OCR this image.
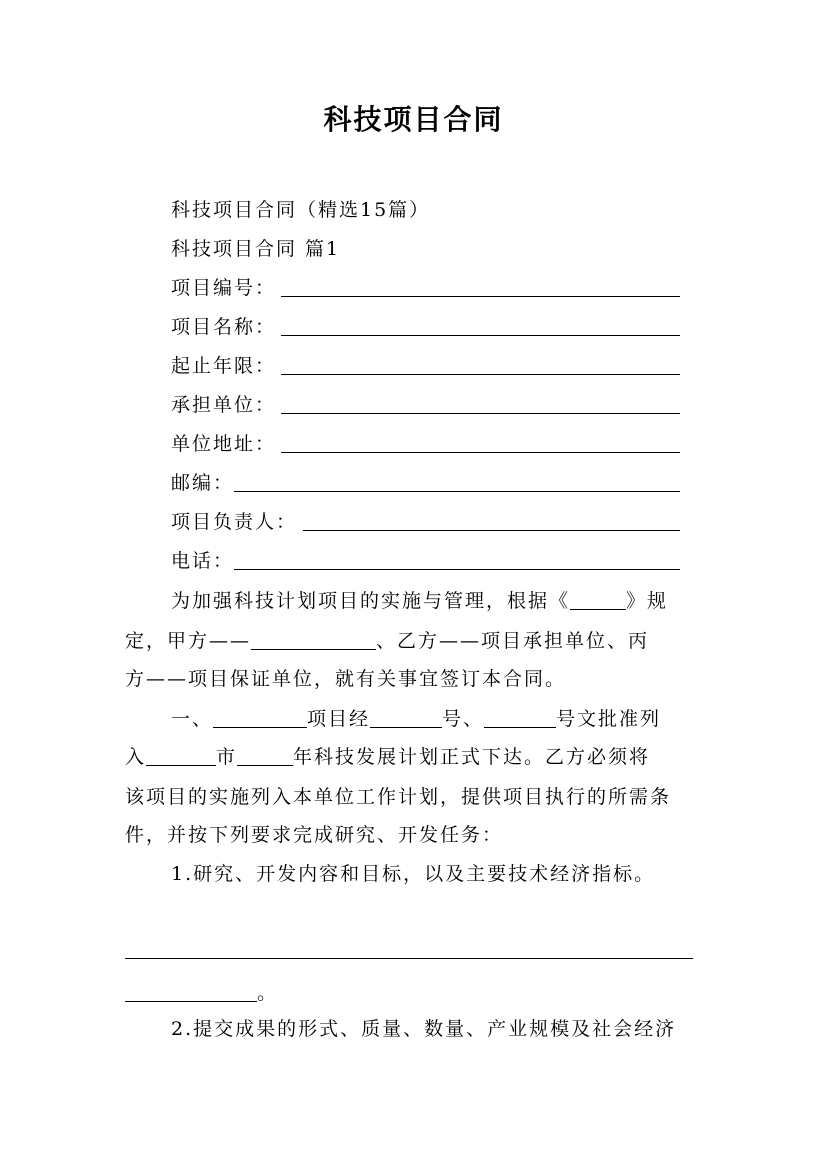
科技项目合同
科技项目合同（精选15篇）
科技项目合同 篇1
项目编号：
项目名称：
起止年限：
承担单位：
单位地址：
邮编：
项目负责人：
电话：
为加强科技计划项目的实施与管理，根据《	》规
定，甲方——	、乙方——项目承担单位、丙
方——项目保证单位，就有关事宜签订本合同。
一、	项目经	号、	号文批准列
入	市	年科技发展计划正式下达。乙方必须将
该项目的实施列入本单位工作计划，提供项目执行的所需条
件，并按下列要求完成研究、开发任务：
1.研究、开发内容和目标，以及主要技术经济指标。
。
2.提交成果的形式、质量、数量、产业规模及社会经济
